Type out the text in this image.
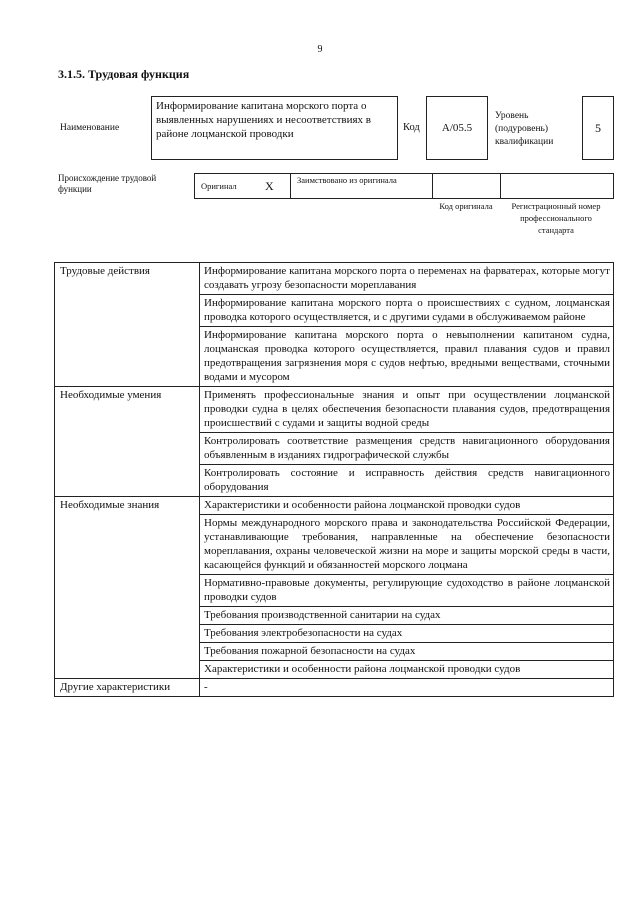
9
3.1.5. Трудовая функция
Наименование
Информирование капитана морского порта о выявленных нарушениях и несоответствиях в районе лоцманской проводки
Код	A/05.5
Уровень (подуровень) квалификации
5
Происхождение трудовой функции	Оригинал X	Заимствовано из оригинала
Код оригинала	Регистрационный номер профессионального стандарта
Трудовые действия	Информирование капитана морского порта о переменах на фарватерах, которые могут создавать угрозу безопасности мореплавания
	Информирование капитана морского порта о происшествиях с судном, лоцманская проводка которого осуществляется, и с другими судами в обслуживаемом районе
	Информирование капитана морского порта о невыполнении капитаном судна, лоцманская проводка которого осуществляется, правил плавания судов и правил предотвращения загрязнения моря с судов нефтью, вредными веществами, сточными водами и мусором
Необходимые умения	Применять профессиональные знания и опыт при осуществлении лоцманской проводки судна в целях обеспечения безопасности плавания судов, предотвращения происшествий с судами и защиты водной среды
	Контролировать соответствие размещения средств навигационного оборудования объявленным в изданиях гидрографической службы
	Контролировать состояние и исправность действия средств навигационного оборудования
Необходимые знания	Характеристики и особенности района лоцманской проводки судов
	Нормы международного морского права и законодательства Российской Федерации, устанавливающие требования, направленные на обеспечение безопасности мореплавания, охраны человеческой жизни на море и защиты морской среды в части, касающейся функций и обязанностей морского лоцмана
	Нормативно-правовые документы, регулирующие судоходство в районе лоцманской проводки судов
	Требования производственной санитарии на судах
	Требования электробезопасности на судах
	Требования пожарной безопасности на судах
	Характеристики и особенности района лоцманской проводки судов
Другие характеристики	-
